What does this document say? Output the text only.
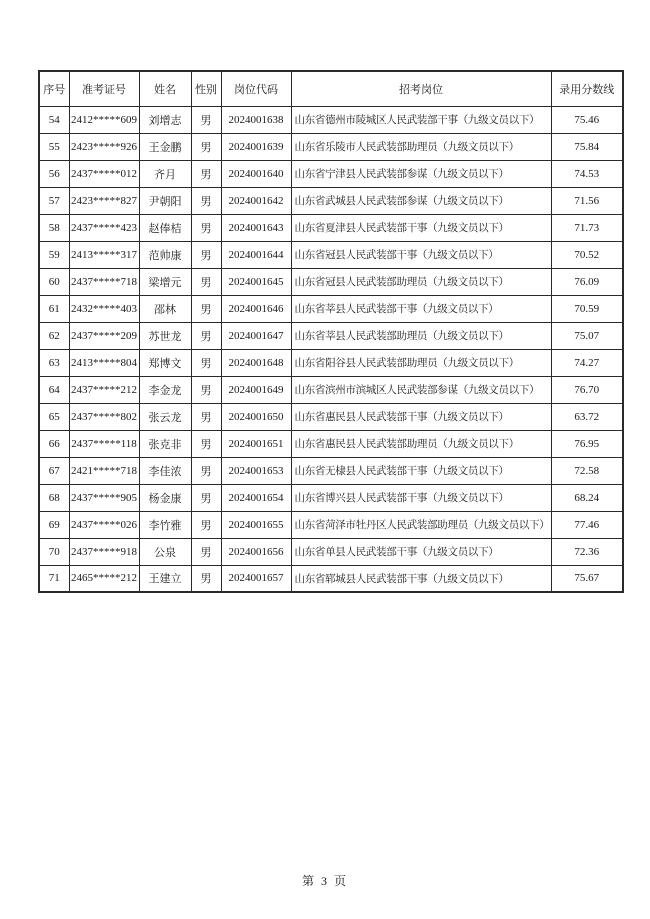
序号	准考证号	姓名	性别	岗位代码	招考岗位	录用分数线
54	2412*****609	刘增志	男	2024001638	山东省德州市陵城区人民武装部干事（九级文员以下）	75.46
55	2423*****926	王金鹏	男	2024001639	山东省乐陵市人民武装部助理员（九级文员以下）	75.84
56	2437*****012	齐月	男	2024001640	山东省宁津县人民武装部参谋（九级文员以下）	74.53
57	2423*****827	尹朝阳	男	2024001642	山东省武城县人民武装部参谋（九级文员以下）	71.56
58	2437*****423	赵俸桔	男	2024001643	山东省夏津县人民武装部干事（九级文员以下）	71.73
59	2413*****317	范帅康	男	2024001644	山东省冠县人民武装部干事（九级文员以下）	70.52
60	2437*****718	梁增元	男	2024001645	山东省冠县人民武装部助理员（九级文员以下）	76.09
61	2432*****403	邵林	男	2024001646	山东省莘县人民武装部干事（九级文员以下）	70.59
62	2437*****209	苏世龙	男	2024001647	山东省莘县人民武装部助理员（九级文员以下）	75.07
63	2413*****804	郑博文	男	2024001648	山东省阳谷县人民武装部助理员（九级文员以下）	74.27
64	2437*****212	李金龙	男	2024001649	山东省滨州市滨城区人民武装部参谋（九级文员以下）	76.70
65	2437*****802	张云龙	男	2024001650	山东省惠民县人民武装部干事（九级文员以下）	63.72
66	2437*****118	张克非	男	2024001651	山东省惠民县人民武装部助理员（九级文员以下）	76.95
67	2421*****718	李佳浓	男	2024001653	山东省无棣县人民武装部干事（九级文员以下）	72.58
68	2437*****905	杨金康	男	2024001654	山东省博兴县人民武装部干事（九级文员以下）	68.24
69	2437*****026	李竹雅	男	2024001655	山东省菏泽市牡丹区人民武装部助理员（九级文员以下）	77.46
70	2437*****918	公泉	男	2024001656	山东省单县人民武装部干事（九级文员以下）	72.36
71	2465*****212	王建立	男	2024001657	山东省郓城县人民武装部干事（九级文员以下）	75.67
第 3 页
